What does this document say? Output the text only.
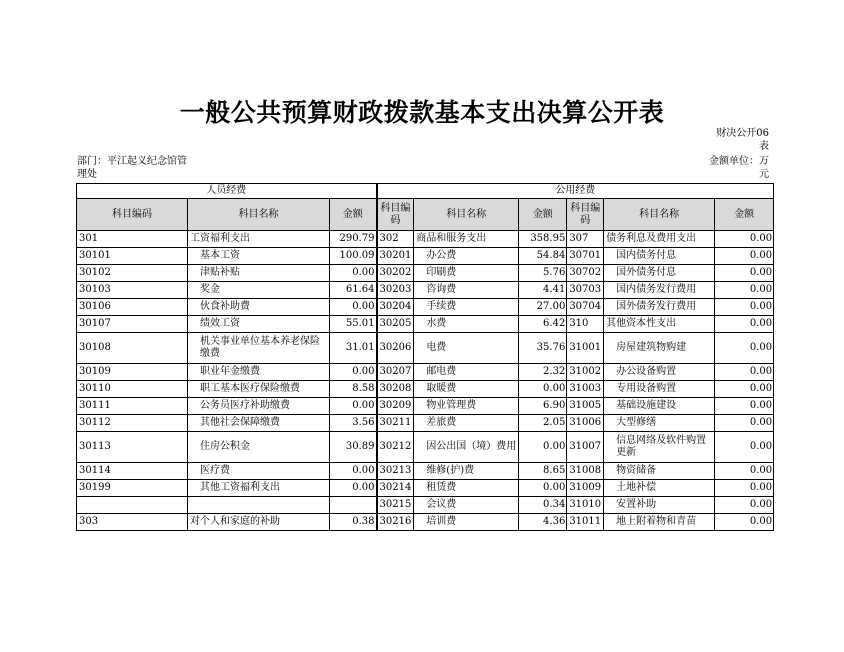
一般公共预算财政拨款基本支出决算公开表
财决公开06表
部门：平江起义纪念馆管理处
金额单位：万元
人员经费			公用经费					
科目编码	科目名称	金额	科目编码	科目名称	金额	科目编码	科目名称	金额
301	工资福利支出	290.79	302	商品和服务支出	358.95	307	债务利息及费用支出	0.00
30101	基本工资	100.09	30201	办公费	54.84	30701	国内债务付息	0.00
30102	津贴补贴	0.00	30202	印刷费	5.76	30702	国外债务付息	0.00
30103	奖金	61.64	30203	咨询费	4.41	30703	国内债务发行费用	0.00
30106	伙食补助费	0.00	30204	手续费	27.00	30704	国外债务发行费用	0.00
30107	绩效工资	55.01	30205	水费	6.42	310	其他资本性支出	0.00
30108	机关事业单位基本养老保险缴费	31.01	30206	电费	35.76	31001	房屋建筑物购建	0.00
30109	职业年金缴费	0.00	30207	邮电费	2.32	31002	办公设备购置	0.00
30110	职工基本医疗保险缴费	8.58	30208	取暖费	0.00	31003	专用设备购置	0.00
30111	公务员医疗补助缴费	0.00	30209	物业管理费	6.90	31005	基础设施建设	0.00
30112	其他社会保障缴费	3.56	30211	差旅费	2.05	31006	大型修缮	0.00
30113	住房公积金	30.89	30212	因公出国（境）费用	0.00	31007	信息网络及软件购置更新	0.00
30114	医疗费	0.00	30213	维修(护)费	8.65	31008	物资储备	0.00
30199	其他工资福利支出	0.00	30214	租赁费	0.00	31009	土地补偿	0.00
			30215	会议费	0.34	31010	安置补助	0.00
303	对个人和家庭的补助	0.38	30216	培训费	4.36	31011	地上附着物和青苗	0.00
